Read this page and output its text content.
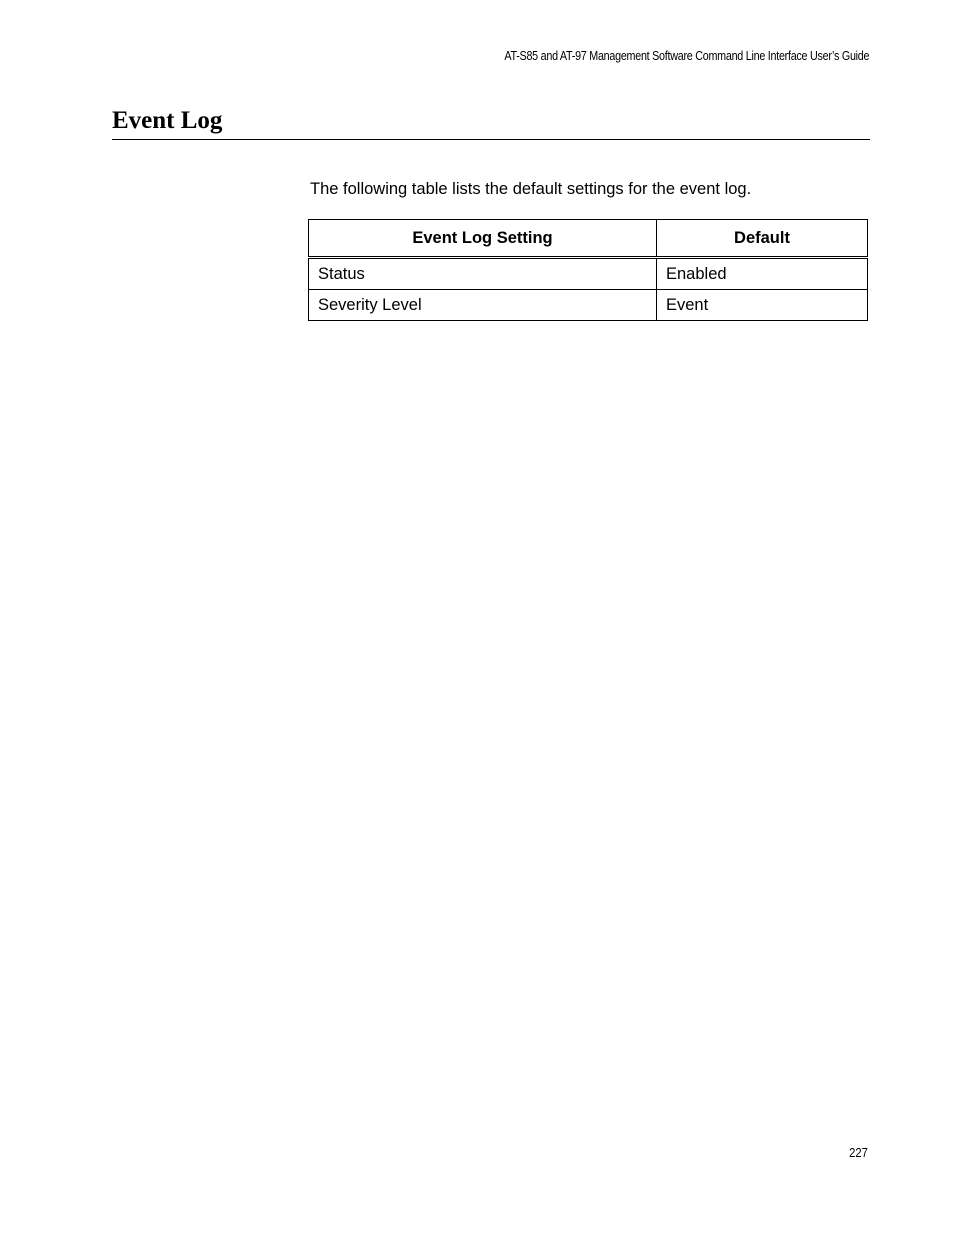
AT-S85 and AT-97 Management Software Command Line Interface User’s Guide
Event Log

The following table lists the default settings for the event log.

Event Log Setting	Default
Status	Enabled
Severity Level	Event
227
